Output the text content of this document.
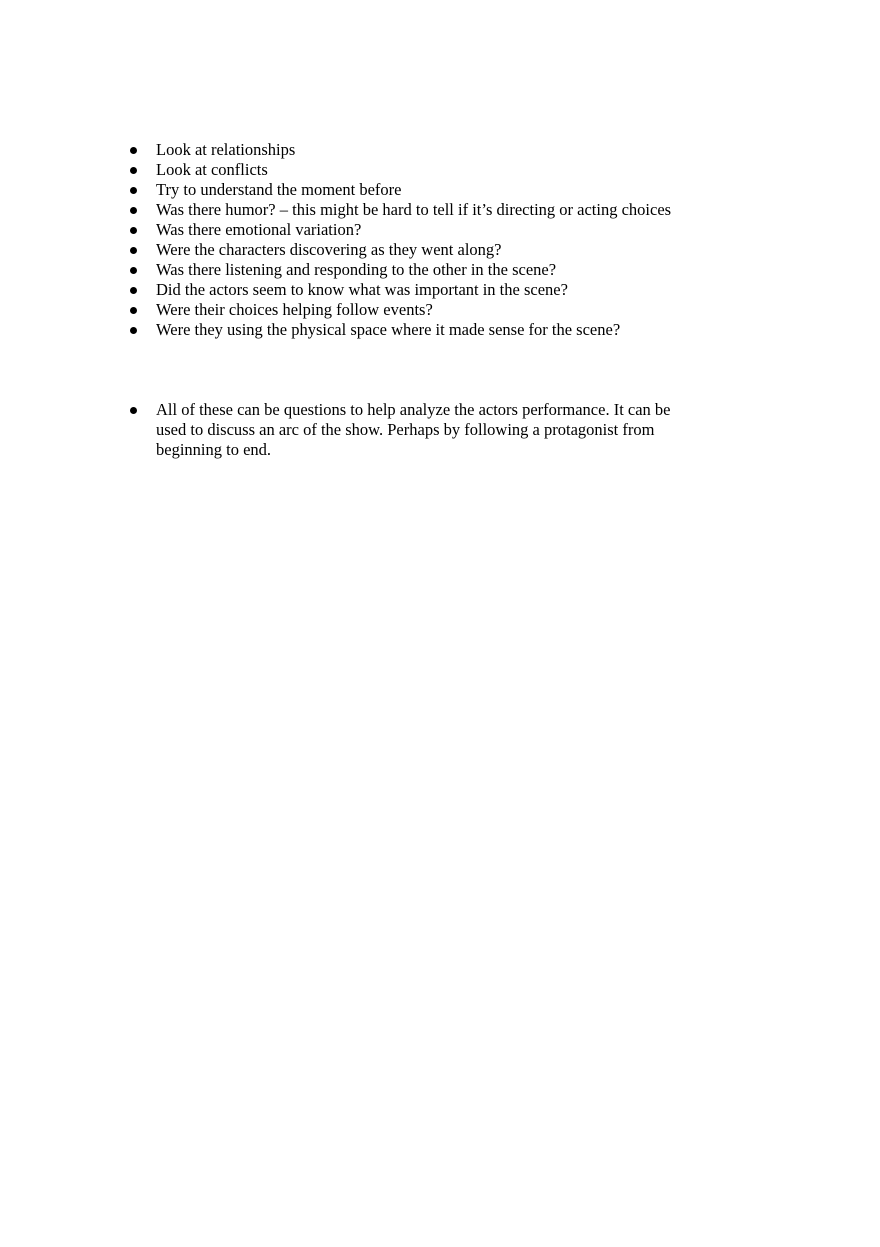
Look at relationships
Look at conflicts
Try to understand the moment before
Was there humor? – this might be hard to tell if it’s directing or acting choices
Was there emotional variation?
Were the characters discovering as they went along?
Was there listening and responding to the other in the scene?
Did the actors seem to know what was important in the scene?
Were their choices helping follow events?
Were they using the physical space where it made sense for the scene?
All of these can be questions to help analyze the actors performance. It can be used to discuss an arc of the show. Perhaps by following a protagonist from beginning to end.
